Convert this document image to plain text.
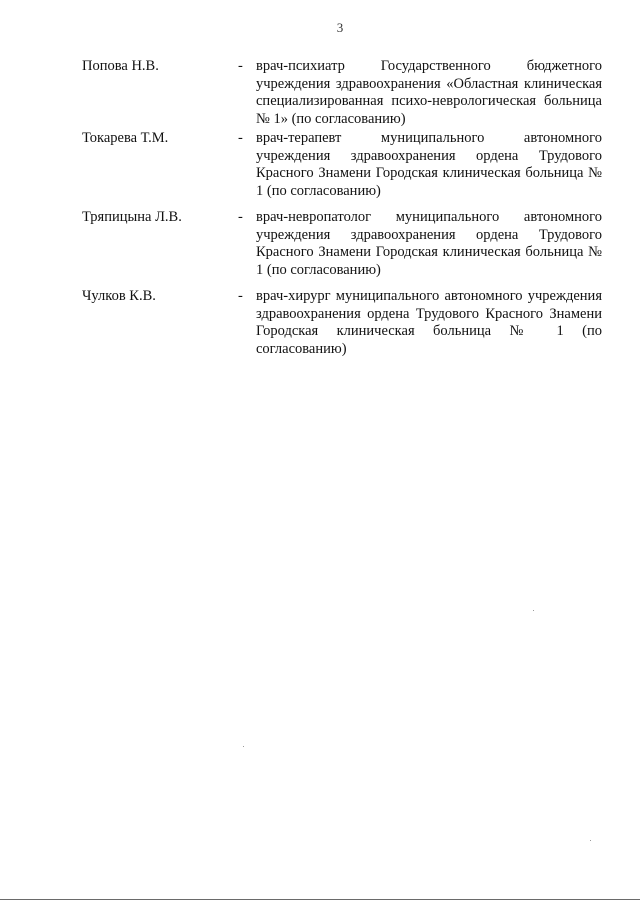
3
Попова Н.В.	- врач-психиатр Государственного бюджетного учреждения здравоохранения «Областная клиническая специализированная психо-неврологическая больница № 1» (по согласованию)
Токарева Т.М.	- врач-терапевт муниципального автономного учреждения здравоохранения ордена Трудового Красного Знамени Городская клиническая больница № 1 (по согласованию)
Тряпицына Л.В.	- врач-невропатолог муниципального автономного учреждения здравоохранения ордена Трудового Красного Знамени Городская клиническая больница № 1 (по согласованию)
Чулков К.В.	- врач-хирург муниципального автономного учреждения здравоохранения ордена Трудового Красного Знамени Городская клиническая больница № 1 (по согласованию)
